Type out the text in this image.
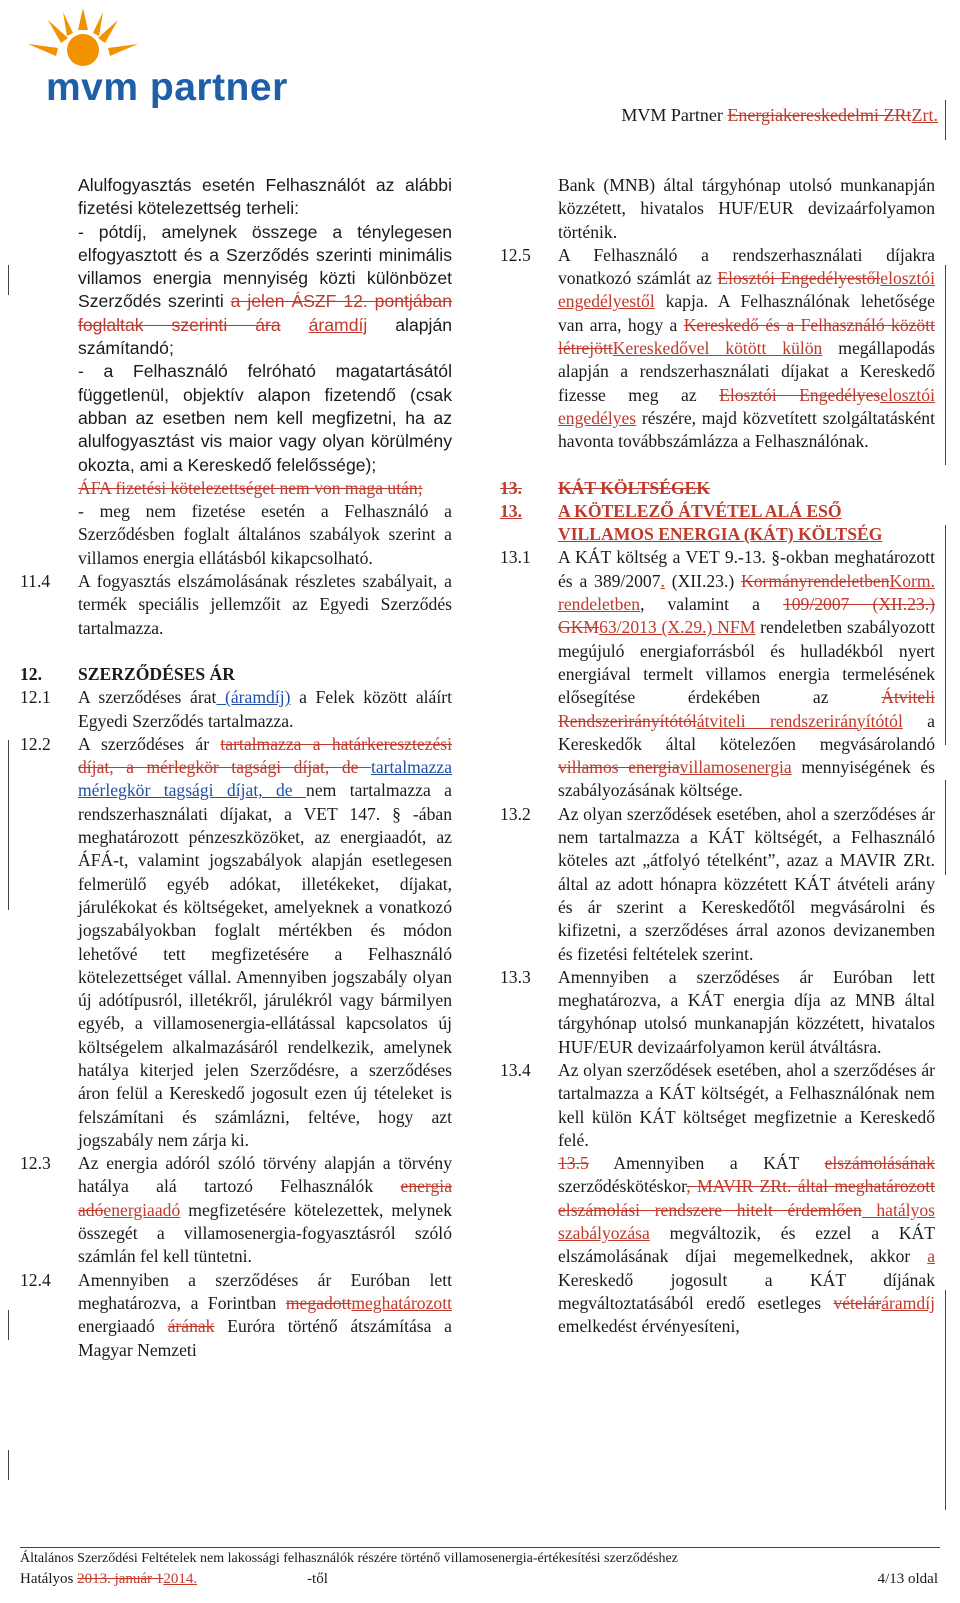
mvm partner
MVM Partner Energiakereskedelmi ZRtZrt.

Alulfogyasztás esetén Felhasználót az alábbi fizetési kötelezettség terheli:

- pótdíj, amelynek összege a ténylegesen elfogyasztott és a Szerződés szerinti minimális villamos energia mennyiség közti különbözet Szerződés szerinti a jelen ÁSZF 12. pontjában foglaltak szerinti ára áramdíj alapján számítandó;

- a Felhasználó felróható magatartásától függetlenül, objektív alapon fizetendő (csak abban az esetben nem kell megfizetni, ha az alulfogyasztást vis maior vagy olyan körülmény okozta, ami a Kereskedő felelőssége);

ÁFA fizetési kötelezettséget nem von maga után;

- meg nem fizetése esetén a Felhasználó a Szerződésben foglalt általános szabályok szerint a villamos energia ellátásból kikapcsolható.

11.4	A fogyasztás elszámolásának részletes szabályait, a termék speciális jellemzőit az Egyedi Szerződés tartalmazza.
12.	SZERZŐDÉSES ÁR
12.1	A szerződéses árat (áramdíj) a Felek között aláírt Egyedi Szerződés tartalmazza.
12.2	A szerződéses ár tartalmazza a határkeresztezési díjat, a mérlegkör tagsági díjat, de tartalmazza mérlegkör tagsági díjat, de nem tartalmazza a rendszerhasználati díjakat, a VET 147. § -ában meghatározott pénzeszközöket, az energiaadót, az ÁFÁ-t, valamint jogszabályok alapján esetlegesen felmerülő egyéb adókat, illetékeket, díjakat, járulékokat és költségeket, amelyeknek a vonatkozó jogszabályokban foglalt mértékben és módon lehetővé tett megfizetésére a Felhasználó kötelezettséget vállal. Amennyiben jogszabály olyan új adótípusról, illetékről, járulékról vagy bármilyen egyéb, a villamosenergia-ellátással kapcsolatos új költségelem alkalmazásáról rendelkezik, amelynek hatálya kiterjed jelen Szerződésre, a szerződéses áron felül a Kereskedő jogosult ezen új tételeket is felszámítani és számlázni, feltéve, hogy azt jogszabály nem zárja ki.
12.3	Az energia adóról szóló törvény alapján a törvény hatálya alá tartozó Felhasználók energia adóenergiaadó megfizetésére kötelezettek, melynek összegét a villamosenergia-fogyasztásról szóló számlán fel kell tüntetni.
12.4	Amennyiben a szerződéses ár Euróban lett meghatározva, a Forintban megadottmeghatározott energiaadó árának Euróra történő átszámítása a Magyar Nemzeti

Bank (MNB) által tárgyhónap utolsó munkanapján közzétett, hivatalos HUF/EUR devizaárfolyamon történik.

12.5	A Felhasználó a rendszerhasználati díjakra vonatkozó számlát az Elosztói Engedélyestőlelosztói engedélyestől kapja. A Felhasználónak lehetősége van arra, hogy a Kereskedő és a Felhasználó között létrejöttKereskedővel kötött külön megállapodás alapján a rendszerhasználati díjakat a Kereskedő fizesse meg az Elosztói Engedélyeselosztói engedélyes részére, majd közvetített szolgáltatásként havonta továbbszámlázza a Felhasználónak.
13.	KÁT KÖLTSÉGEK
13.	A KÖTELEZŐ ÁTVÉTEL ALÁ ESŐ VILLAMOS ENERGIA (KÁT) KÖLTSÉG
13.1	A KÁT költség a VET 9.-13. §-okban meghatározott és a 389/2007. (XII.23.) KormányrendeletbenKorm. rendeletben, valamint a 109/2007 (XII.23.) GKM63/2013 (X.29.) NFM rendeletben szabályozott megújuló energiaforrásból és hulladékból nyert energiával termelt villamos energia termelésének elősegítése érdekében az Átviteli Rendszerirányítótólátviteli rendszerirányítótól a Kereskedők által kötelezően megvásárolandó villamos energiavillamosenergia mennyiségének és szabályozásának költsége.
13.2	Az olyan szerződések esetében, ahol a szerződéses ár nem tartalmazza a KÁT költségét, a Felhasználó köteles azt „átfolyó tételként”, azaz a MAVIR ZRt. által az adott hónapra közzétett KÁT átvételi arány és ár szerint a Kereskedőtől megvásárolni és kifizetni, a szerződéses árral azonos devizanemben és fizetési feltételek szerint.
13.3	Amennyiben a szerződéses ár Euróban lett meghatározva, a KÁT energia díja az MNB által tárgyhónap utolsó munkanapján közzétett, hivatalos HUF/EUR devizaárfolyamon kerül átváltásra.
13.4	Az olyan szerződések esetében, ahol a szerződéses ár tartalmazza a KÁT költségét, a Felhasználónak nem kell külön KÁT költséget megfizetnie a Kereskedő felé.

13.5 Amennyiben a KÁT elszámolásának szerződéskötéskor, MAVIR ZRt. által meghatározott elszámolási rendszere hitelt érdemlően hatályos szabályozása megváltozik, és ezzel a KÁT elszámolásának díjai megemelkednek, akkor a Kereskedő jogosult a KÁT díjának megváltoztatásából eredő esetleges vételáráramdíj emelkedést érvényesíteni,

Általános Szerződési Feltételek nem lakossági felhasználók részére történő villamosenergia-értékesítési szerződéshez
Hatályos 2013. január 12014.	-től	4/13 oldal
